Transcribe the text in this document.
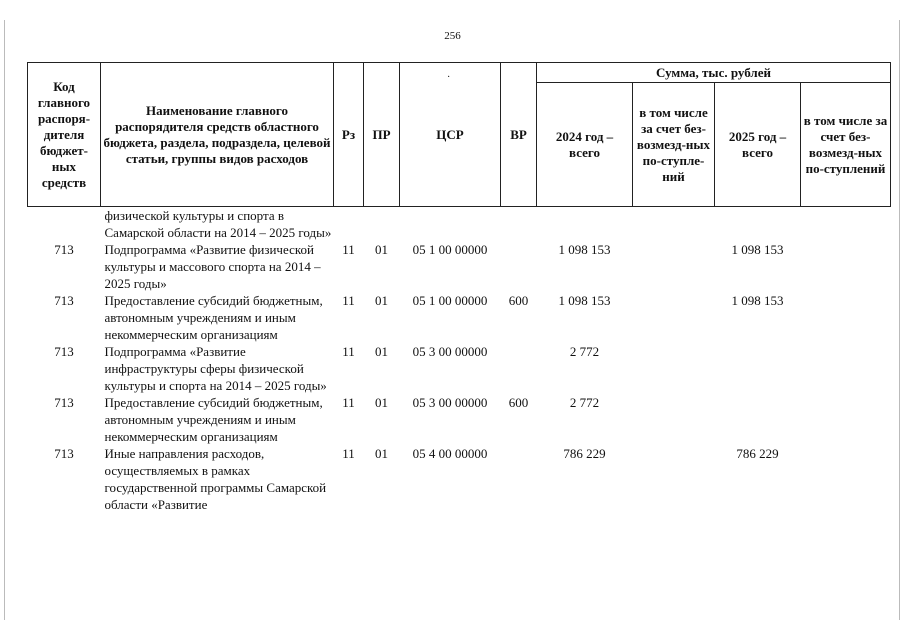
256
·
Код главного распоря-дителя бюджет-ных средств	Наименование главного распорядителя средств областного бюджета, раздела, подраздела, целевой статьи, группы видов расходов	Рз	ПР	ЦСР	ВР	Сумма, тыс. рублей			
						2024 год – всего	в том числе за счет без-возмезд-ных по-ступле-ний	2025 год – всего	в том числе за счет без-возмезд-ных по-ступлений
	физической культуры и спорта в Самарской области на 2014 – 2025 годы»								
713	Подпрограмма «Развитие физической культуры и массового спорта на 2014 – 2025 годы»	11	01	05 1 00 00000		1 098 153		1 098 153	
713	Предоставление субсидий бюджетным, автономным учреждениям и иным некоммерческим организациям	11	01	05 1 00 00000	600	1 098 153		1 098 153	
713	Подпрограмма «Развитие инфраструктуры сферы физической культуры и спорта на 2014 – 2025 годы»	11	01	05 3 00 00000		2 772			
713	Предоставление субсидий бюджетным, автономным учреждениям и иным некоммерческим организациям	11	01	05 3 00 00000	600	2 772			
713	Иные направления расходов, осуществляемых в рамках государственной программы Самарской области «Развитие	11	01	05 4 00 00000		786 229		786 229	
